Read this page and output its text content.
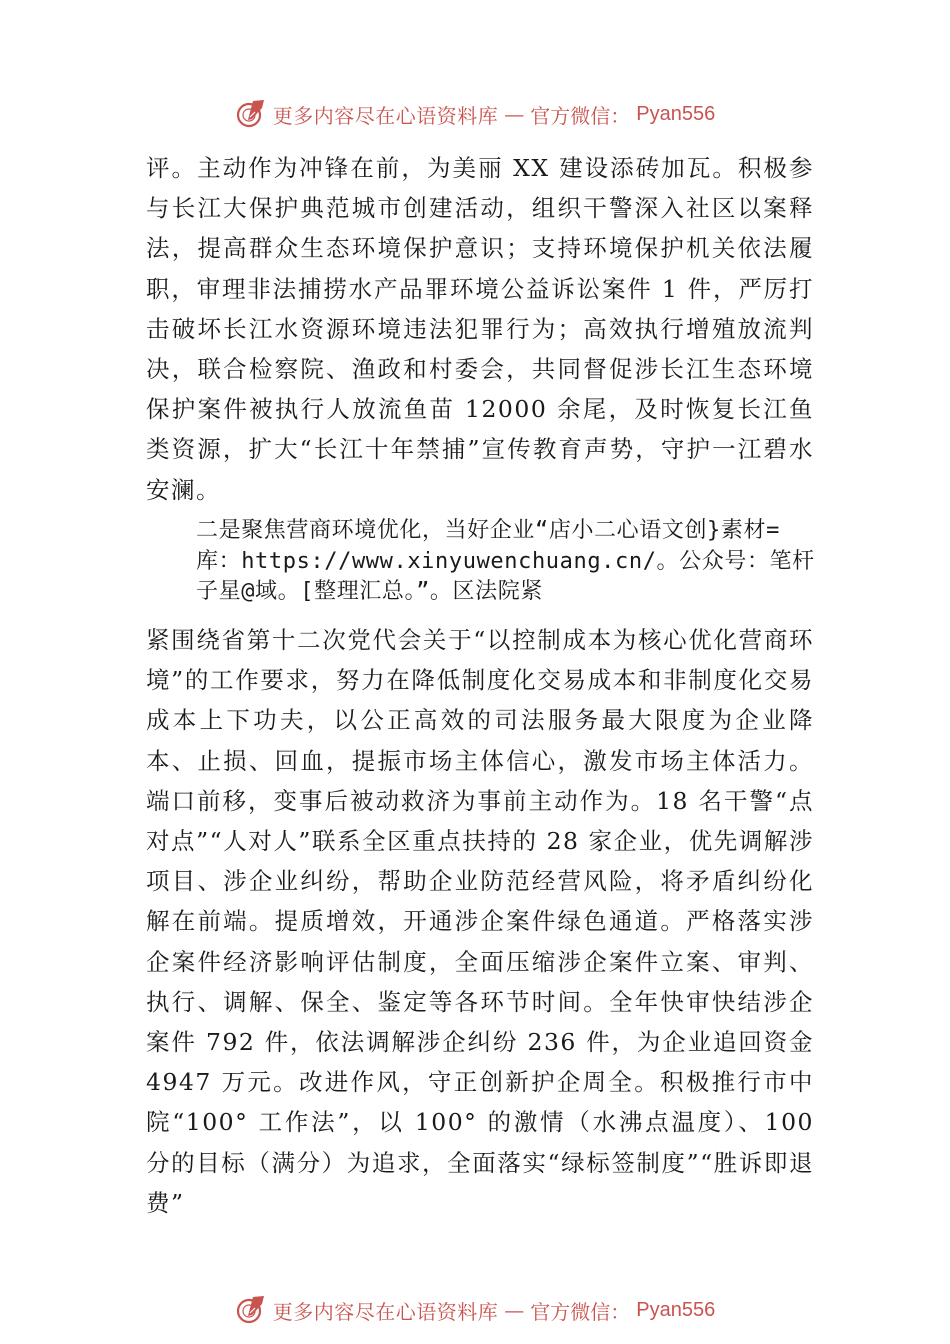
更多内容尽在心语资料库 — 官方微信： Pyan556

评。主动作为冲锋在前，为美丽 XX 建设添砖加瓦。积极参与长江大保护典范城市创建活动，组织干警深入社区以案释法，提高群众生态环境保护意识；支持环境保护机关依法履职，审理非法捕捞水产品罪环境公益诉讼案件 1 件，严厉打击破坏长江水资源环境违法犯罪行为；高效执行增殖放流判决，联合检察院、渔政和村委会，共同督促涉长江生态环境保护案件被执行人放流鱼苗 12000 余尾，及时恢复长江鱼类资源，扩大“长江十年禁捕”宣传教育声势，守护一江碧水安澜。

二是聚焦营商环境优化，当好企业“店小二心语文创}素材=库：https://www.xinyuwenchuang.cn/。公众号：笔杆子星@域。[整理汇总。”。区法院紧

紧围绕省第十二次党代会关于“以控制成本为核心优化营商环境”的工作要求，努力在降低制度化交易成本和非制度化交易成本上下功夫，以公正高效的司法服务最大限度为企业降本、止损、回血，提振市场主体信心，激发市场主体活力。端口前移，变事后被动救济为事前主动作为。18 名干警“点对点”“人对人”联系全区重点扶持的 28 家企业，优先调解涉项目、涉企业纠纷，帮助企业防范经营风险，将矛盾纠纷化解在前端。提质增效，开通涉企案件绿色通道。严格落实涉企案件经济影响评估制度，全面压缩涉企案件立案、审判、执行、调解、保全、鉴定等各环节时间。全年快审快结涉企案件 792 件，依法调解涉企纠纷 236 件，为企业追回资金 4947 万元。改进作风，守正创新护企周全。积极推行市中院“100° 工作法”，以 100° 的激情（水沸点温度）、100 分的目标（满分）为追求，全面落实“绿标签制度”“胜诉即退费”

更多内容尽在心语资料库 — 官方微信： Pyan556
